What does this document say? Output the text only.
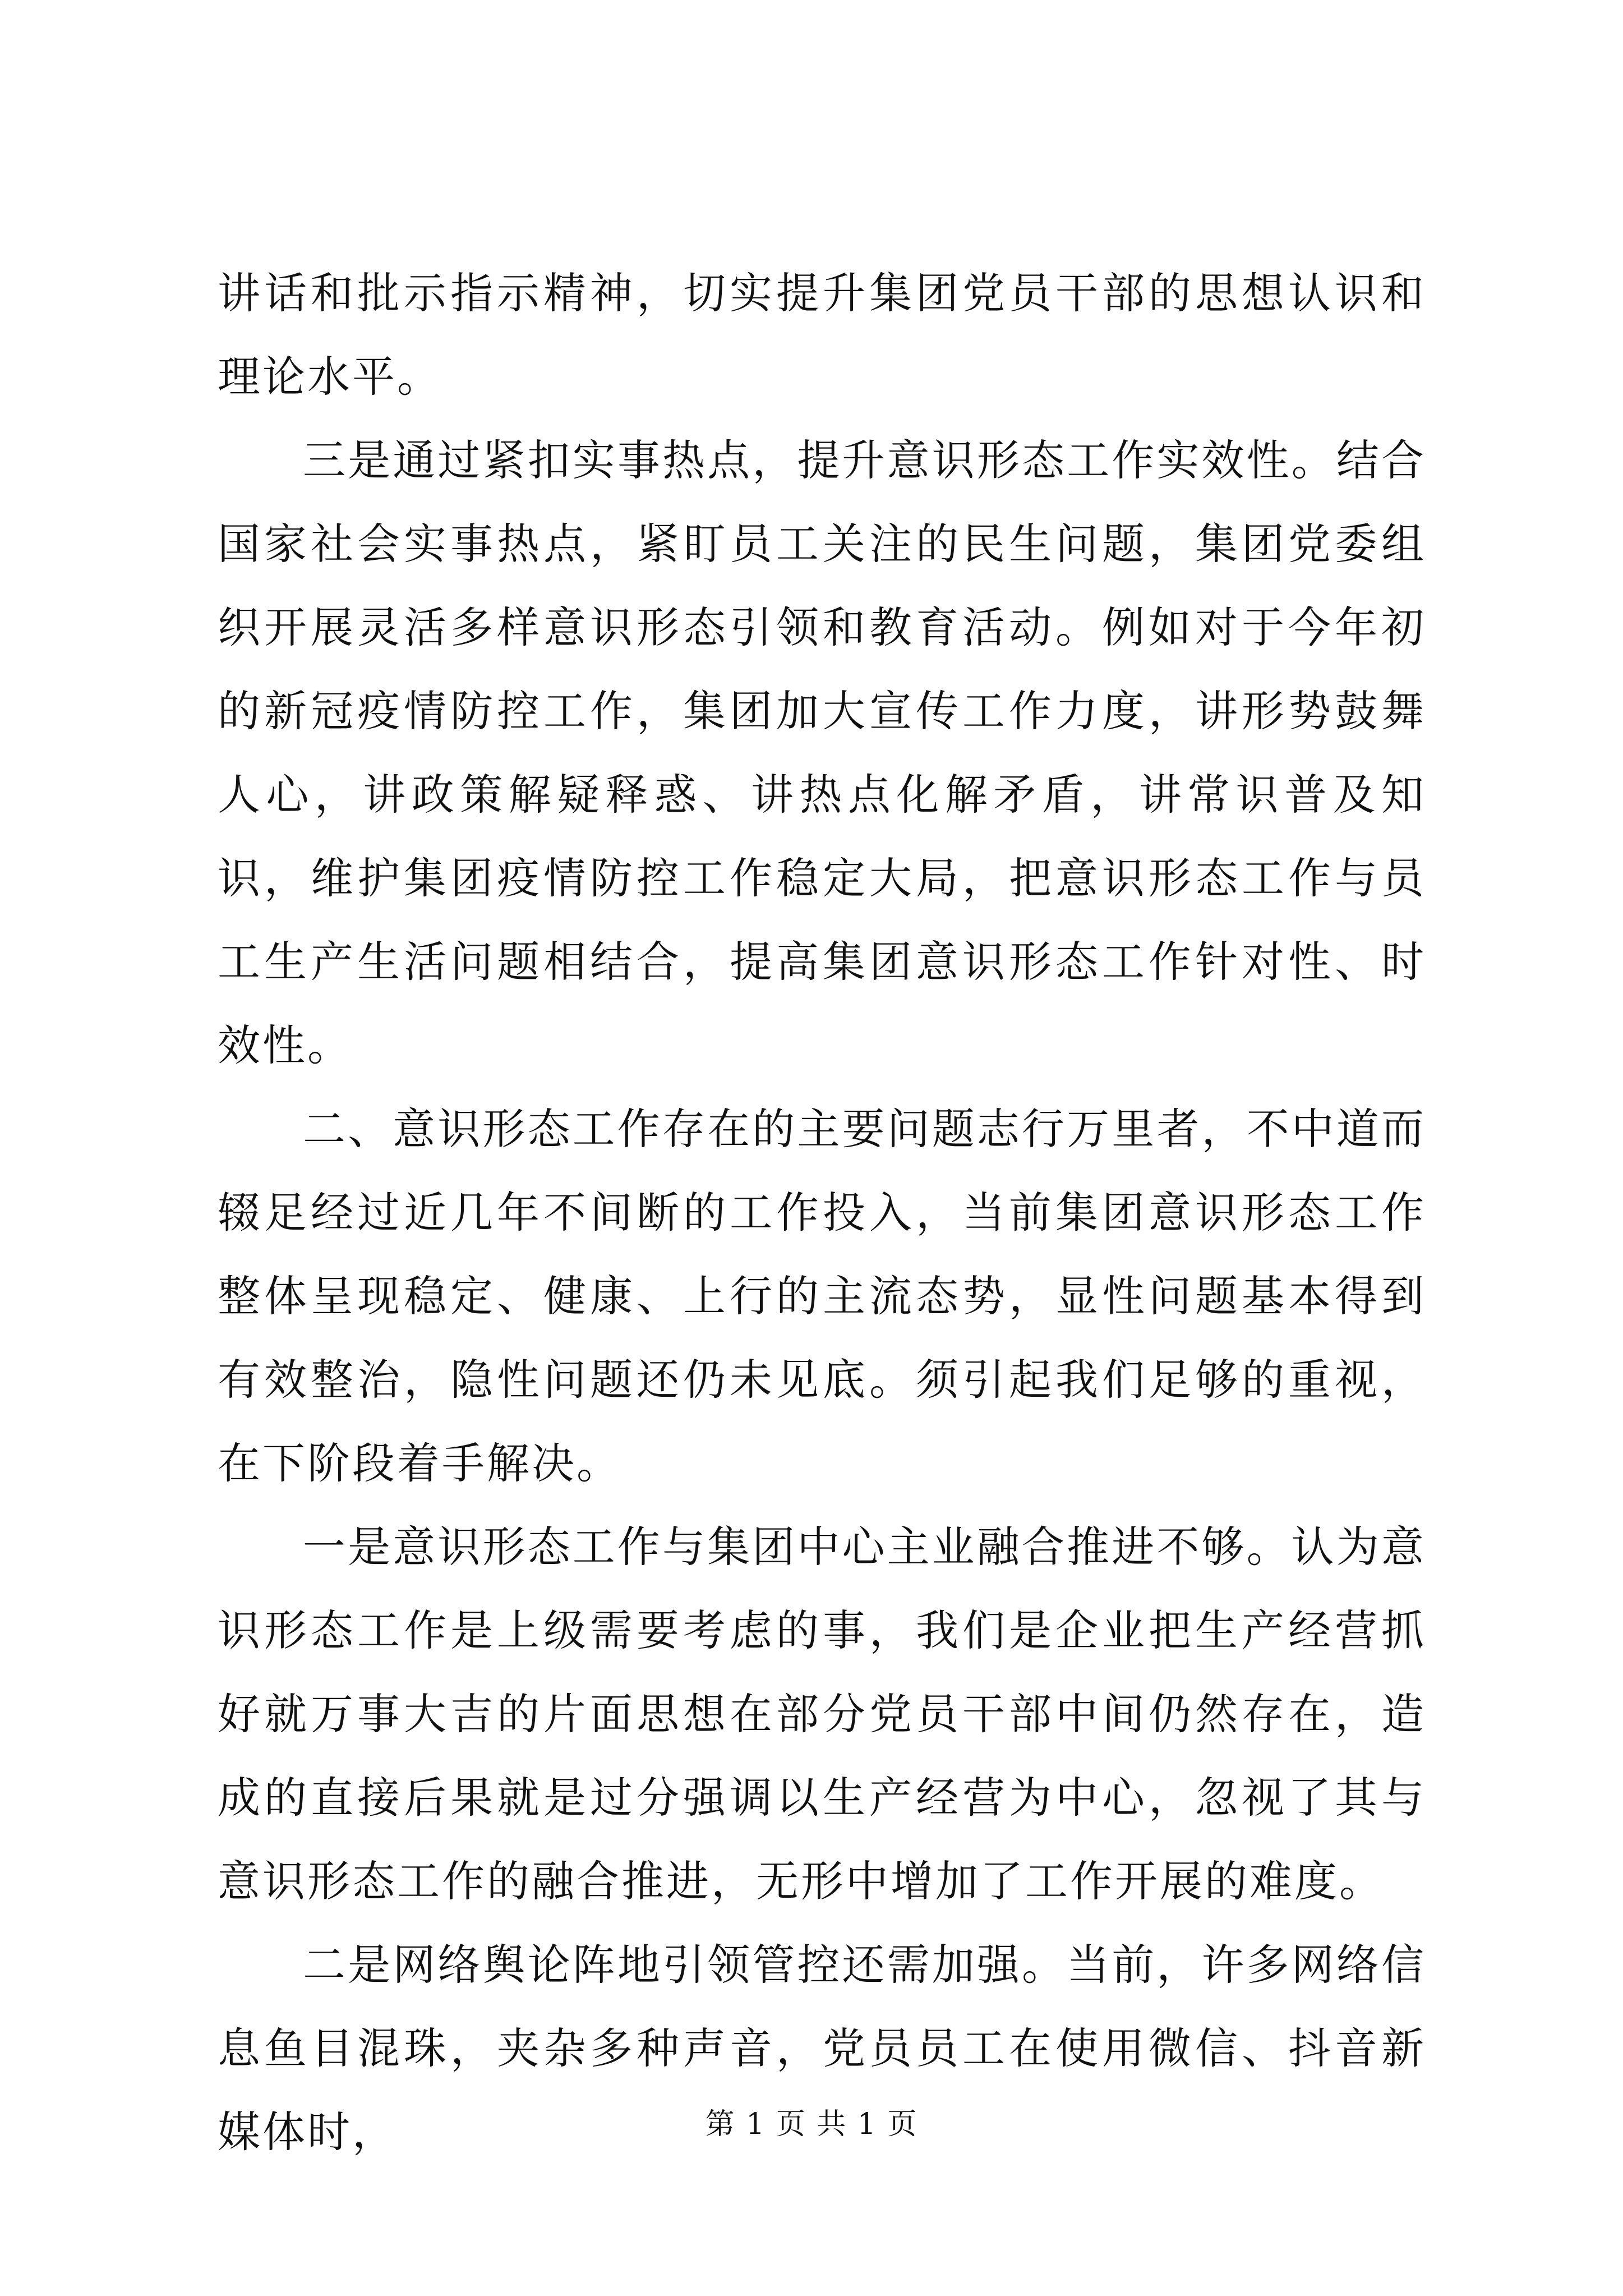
讲话和批示指示精神，切实提升集团党员干部的思想认识和理论水平。

三是通过紧扣实事热点，提升意识形态工作实效性。结合国家社会实事热点，紧盯员工关注的民生问题，集团党委组织开展灵活多样意识形态引领和教育活动。例如对于今年初的新冠疫情防控工作，集团加大宣传工作力度，讲形势鼓舞人心，讲政策解疑释惑、讲热点化解矛盾，讲常识普及知识，维护集团疫情防控工作稳定大局，把意识形态工作与员工生产生活问题相结合，提高集团意识形态工作针对性、时效性。

二、意识形态工作存在的主要问题志行万里者，不中道而辍足经过近几年不间断的工作投入，当前集团意识形态工作整体呈现稳定、健康、上行的主流态势，显性问题基本得到有效整治，隐性问题还仍未见底。须引起我们足够的重视，在下阶段着手解决。

一是意识形态工作与集团中心主业融合推进不够。认为意识形态工作是上级需要考虑的事，我们是企业把生产经营抓好就万事大吉的片面思想在部分党员干部中间仍然存在，造成的直接后果就是过分强调以生产经营为中心，忽视了其与意识形态工作的融合推进，无形中增加了工作开展的难度。

二是网络舆论阵地引领管控还需加强。当前，许多网络信息鱼目混珠，夹杂多种声音，党员员工在使用微信、抖音新媒体时，	第 1 页 共 1 页
